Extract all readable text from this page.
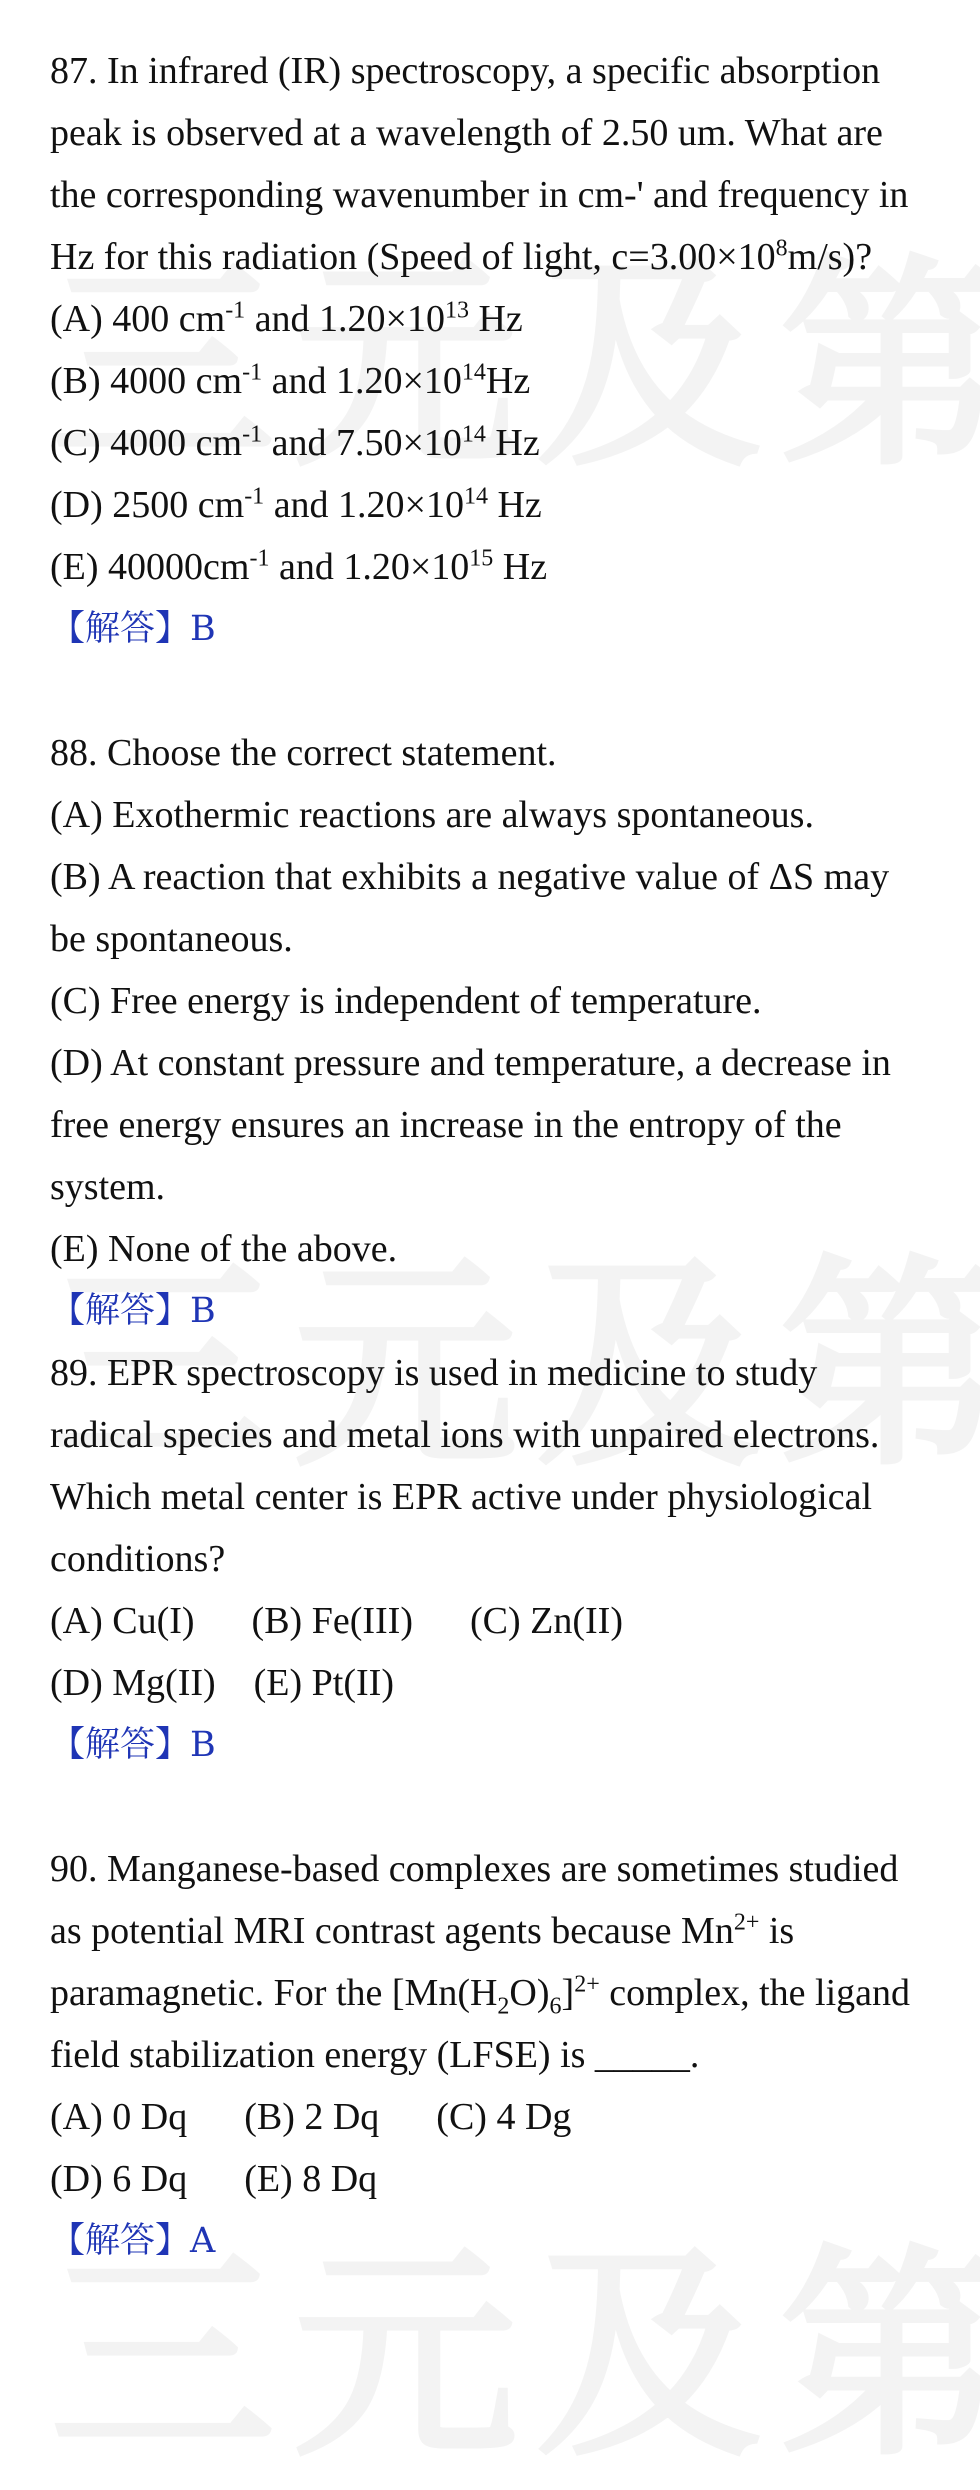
87. In infrared (IR) spectroscopy, a specific absorption peak is observed at a wavelength of 2.50 um. What are the corresponding wavenumber in cm-' and frequency in Hz for this radiation (Speed of light, $c=3.00\times 10^8m/s$)?

(A) 400 $cm^{-1}$ and $1.20\times 10^{13}$ Hz

(B) 4000 $cm^{-1}$ and $1.20\times 10^{14}Hz$

(C) 4000 $cm^{-1}$ and $7.50\times 10^{14}$ Hz

(D) 2500 $cm^{-1}$ and $1.20\times 10^{14}$ Hz

(E) $40000cm^{-1}$ and $1.20\times 10^{15}$ Hz

【解答】B

88. Choose the correct statement.

(A) Exothermic reactions are always spontaneous.

(B) A reaction that exhibits a negative value of ΔS may be spontaneous.

(C) Free energy is independent of temperature.

(D) At constant pressure and temperature, a decrease in free energy ensures an increase in the entropy of the system.

(E) None of the above.

【解答】B

89. EPR spectroscopy is used in medicine to study radical species and metal ions with unpaired electrons. Which metal center is EPR active under physiological conditions?

(A) Cu(I)      (B) Fe(III)      (C) Zn(II)

(D) Mg(II)    (E) Pt(II)

【解答】B

90. Manganese-based complexes are sometimes studied as potential MRI contrast agents because $Mn^{2+}$ is paramagnetic. For the $[Mn(H_2O)_6]^{2+}$ complex, the ligand field stabilization energy (LFSE) is _____.

(A) 0 Dq      (B) 2 Dq      (C) 4 Dg

(D) 6 Dq      (E) 8 Dq

【解答】A
